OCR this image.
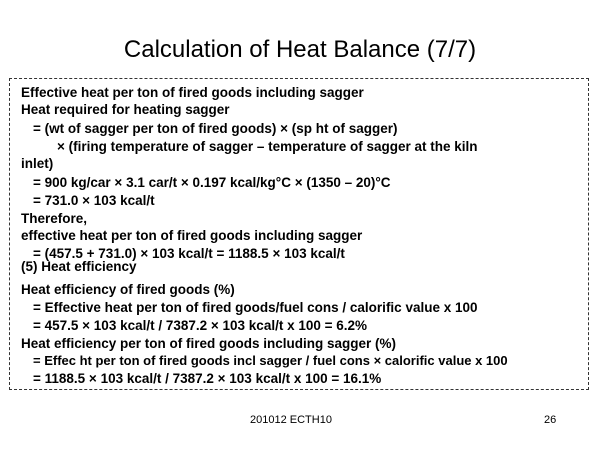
Calculation of Heat Balance (7/7)
Effective heat per ton of fired goods including sagger
Heat required for heating sagger
= (wt of sagger per ton of fired goods) × (sp ht of sagger)
× (firing temperature of sagger – temperature of sagger at the kiln
inlet)
= 900 kg/car × 3.1 car/t × 0.197 kcal/kg°C × (1350 – 20)°C
= 731.0 × 103 kcal/t
Therefore,
effective heat per ton of fired goods including sagger
= (457.5 + 731.0) × 103 kcal/t = 1188.5 × 103 kcal/t
(5) Heat efficiency
Heat efficiency of fired goods (%)
= Effective heat per ton of fired goods/fuel cons / calorific value x 100
= 457.5 × 103 kcal/t / 7387.2 × 103 kcal/t x 100 = 6.2%
Heat efficiency per ton of fired goods including sagger (%)
= Effec ht per ton of fired goods incl sagger / fuel cons × calorific value x 100
= 1188.5 × 103 kcal/t / 7387.2 × 103 kcal/t x 100 = 16.1%
201012 ECTH10	26
